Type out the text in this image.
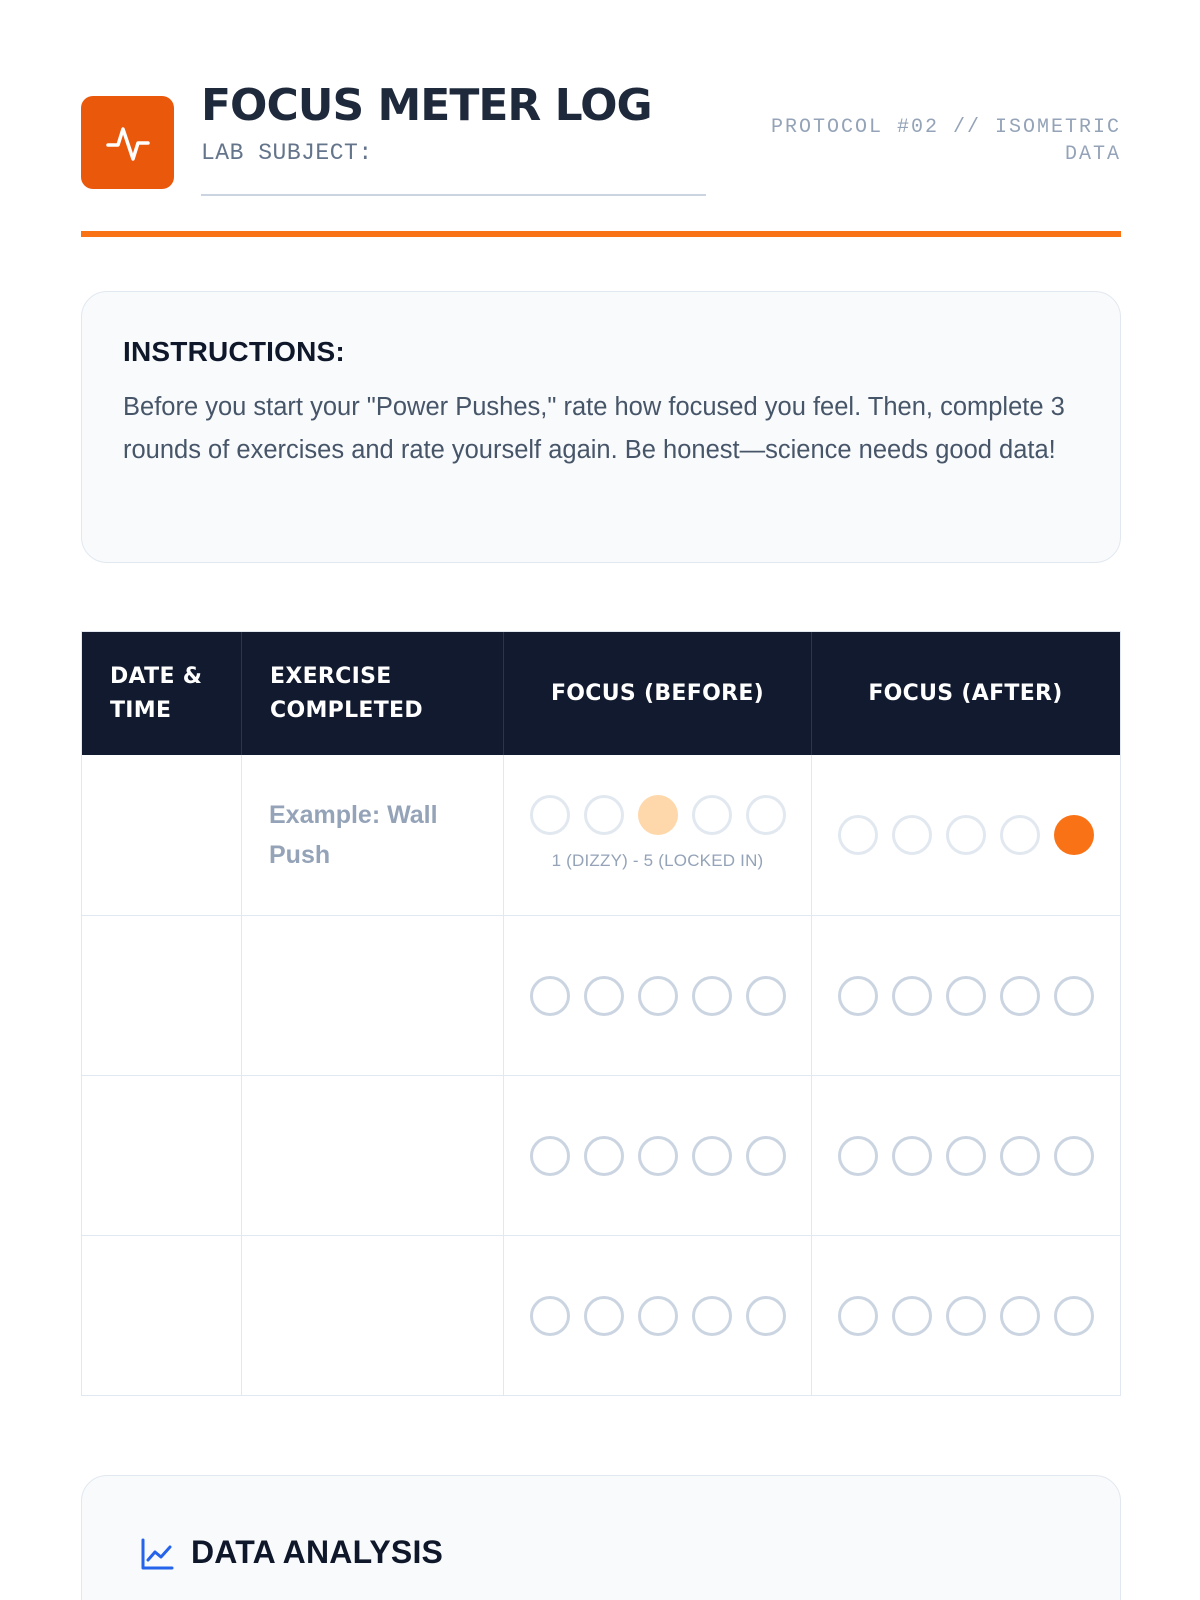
FOCUS METER LOG
LAB SUBJECT:
PROTOCOL #02 // ISOMETRIC DATA
INSTRUCTIONS:

Before you start your "Power Pushes," rate how focused you feel. Then, complete 3 rounds of exercises and rate yourself again. Be honest—science needs good data!

DATE & TIME
EXERCISE COMPLETED
FOCUS (BEFORE)	FOCUS (AFTER)
Example: Wall Push	1 (DIZZY) - 5 (LOCKED IN)
DATA ANALYSIS
